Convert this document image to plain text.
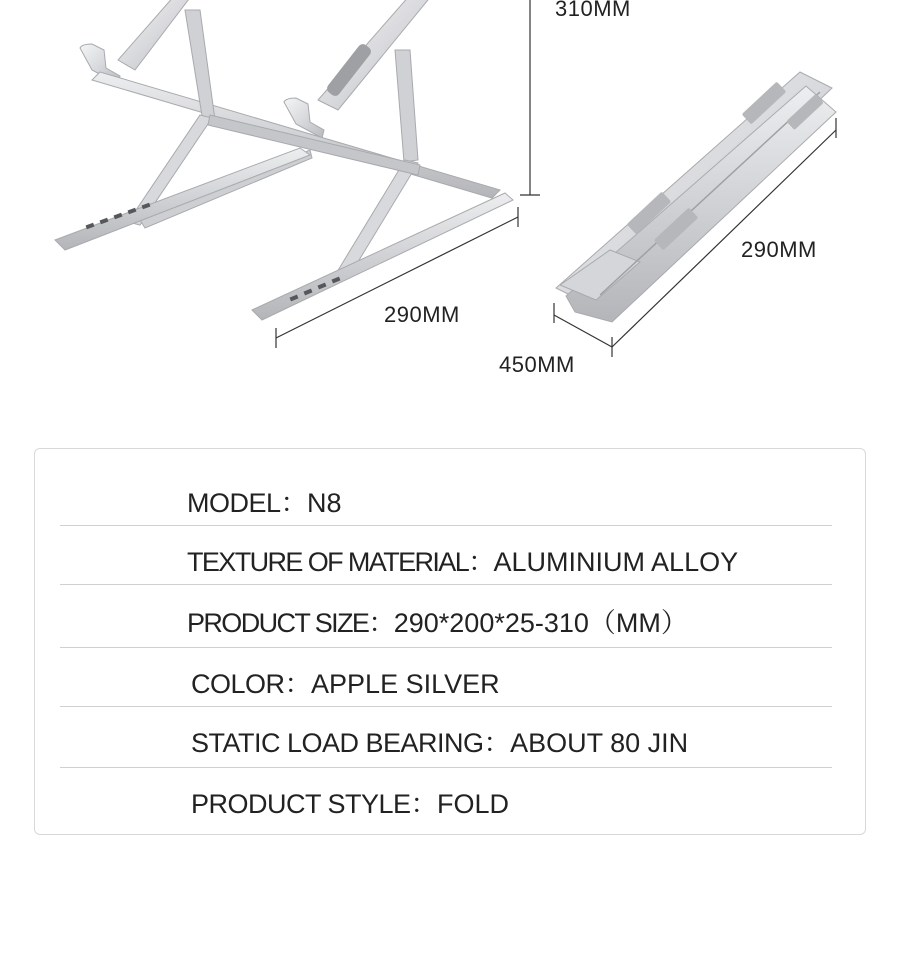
310MM
290MM
290MM
450MM
MODEL：N8
TEXTURE OF MATERIAL：ALUMINIUM ALLOY
PRODUCT SIZE：290*200*25-310（MM）
COLOR：APPLE SILVER
STATIC LOAD BEARING：ABOUT 80 JIN
PRODUCT STYLE：FOLD
